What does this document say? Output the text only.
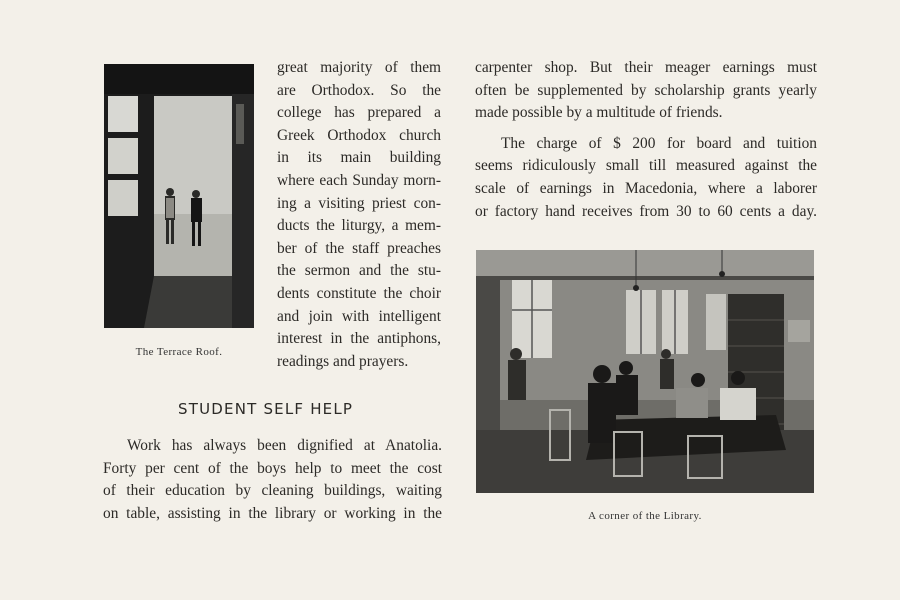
The Terrace Roof.
great majority of them
are Orthodox. So the
college has prepared a
Greek Orthodox church
in its main building
where each Sunday morn-
ing a visiting priest con-
ducts the liturgy, a mem-
ber of the staff preaches
the sermon and the stu-
dents constitute the choir
and join with intelligent
interest in the antiphons,
readings and prayers.
STUDENT SELF HELP
Work has always been dignified at Anatolia.
Forty per cent of the boys help to meet the cost
of their education by cleaning buildings, waiting
on table, assisting in the library or working in the
carpenter shop. But their meager earnings must
often be supplemented by scholarship grants yearly
made possible by a multitude of friends.
The charge of $ 200 for board and tuition
seems ridiculously small till measured against the
scale of earnings in Macedonia, where a laborer
or factory hand receives from 30 to 60 cents a day.
A corner of the Library.
